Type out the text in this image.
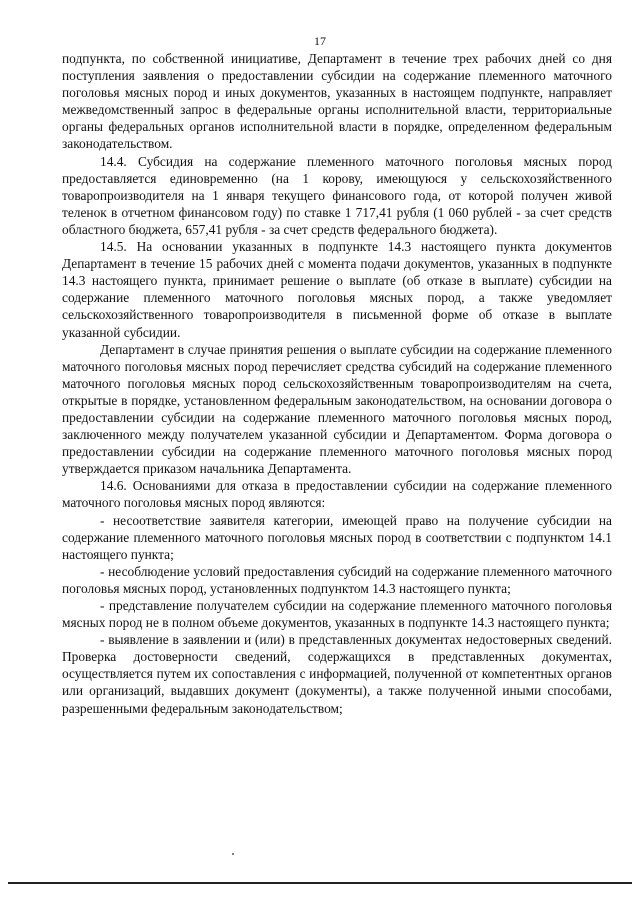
17

подпункта, по собственной инициативе, Департамент в течение трех рабочих дней со дня поступления заявления о предоставлении субсидии на содержание племенного маточного поголовья мясных пород и иных документов, указанных в настоящем подпункте, направляет межведомственный запрос в федеральные органы исполнительной власти, территориальные органы федеральных органов исполнительной власти в порядке, определенном федеральным законодательством.

14.4. Субсидия на содержание племенного маточного поголовья мясных пород предоставляется единовременно (на 1 корову, имеющуюся у сельскохозяйственного товаропроизводителя на 1 января текущего финансового года, от которой получен живой теленок в отчетном финансовом году) по ставке 1 717,41 рубля (1 060 рублей - за счет средств областного бюджета, 657,41 рубля - за счет средств федерального бюджета).

14.5. На основании указанных в подпункте 14.3 настоящего пункта документов Департамент в течение 15 рабочих дней с момента подачи документов, указанных в подпункте 14.3 настоящего пункта, принимает решение о выплате (об отказе в выплате) субсидии на содержание племенного маточного поголовья мясных пород, а также уведомляет сельскохозяйственного товаропроизводителя в письменной форме об отказе в выплате указанной субсидии.

Департамент в случае принятия решения о выплате субсидии на содержание племенного маточного поголовья мясных пород перечисляет средства субсидий на содержание племенного маточного поголовья мясных пород сельскохозяйственным товаропроизводителям на счета, открытые в порядке, установленном федеральным законодательством, на основании договора о предоставлении субсидии на содержание племенного маточного поголовья мясных пород, заключенного между получателем указанной субсидии и Департаментом. Форма договора о предоставлении субсидии на содержание племенного маточного поголовья мясных пород утверждается приказом начальника Департамента.

14.6. Основаниями для отказа в предоставлении субсидии на содержание племенного маточного поголовья мясных пород являются:

- несоответствие заявителя категории, имеющей право на получение субсидии на содержание племенного маточного поголовья мясных пород в соответствии с подпунктом 14.1 настоящего пункта;

- несоблюдение условий предоставления субсидий на содержание племенного маточного поголовья мясных пород, установленных подпунктом 14.3 настоящего пункта;

- представление получателем субсидии на содержание племенного маточного поголовья мясных пород не в полном объеме документов, указанных в подпункте 14.3 настоящего пункта;

- выявление в заявлении и (или) в представленных документах недостоверных сведений. Проверка достоверности сведений, содержащихся в представленных документах, осуществляется путем их сопоставления с информацией, полученной от компетентных органов или организаций, выдавших документ (документы), а также полученной иными способами, разрешенными федеральным законодательством;
